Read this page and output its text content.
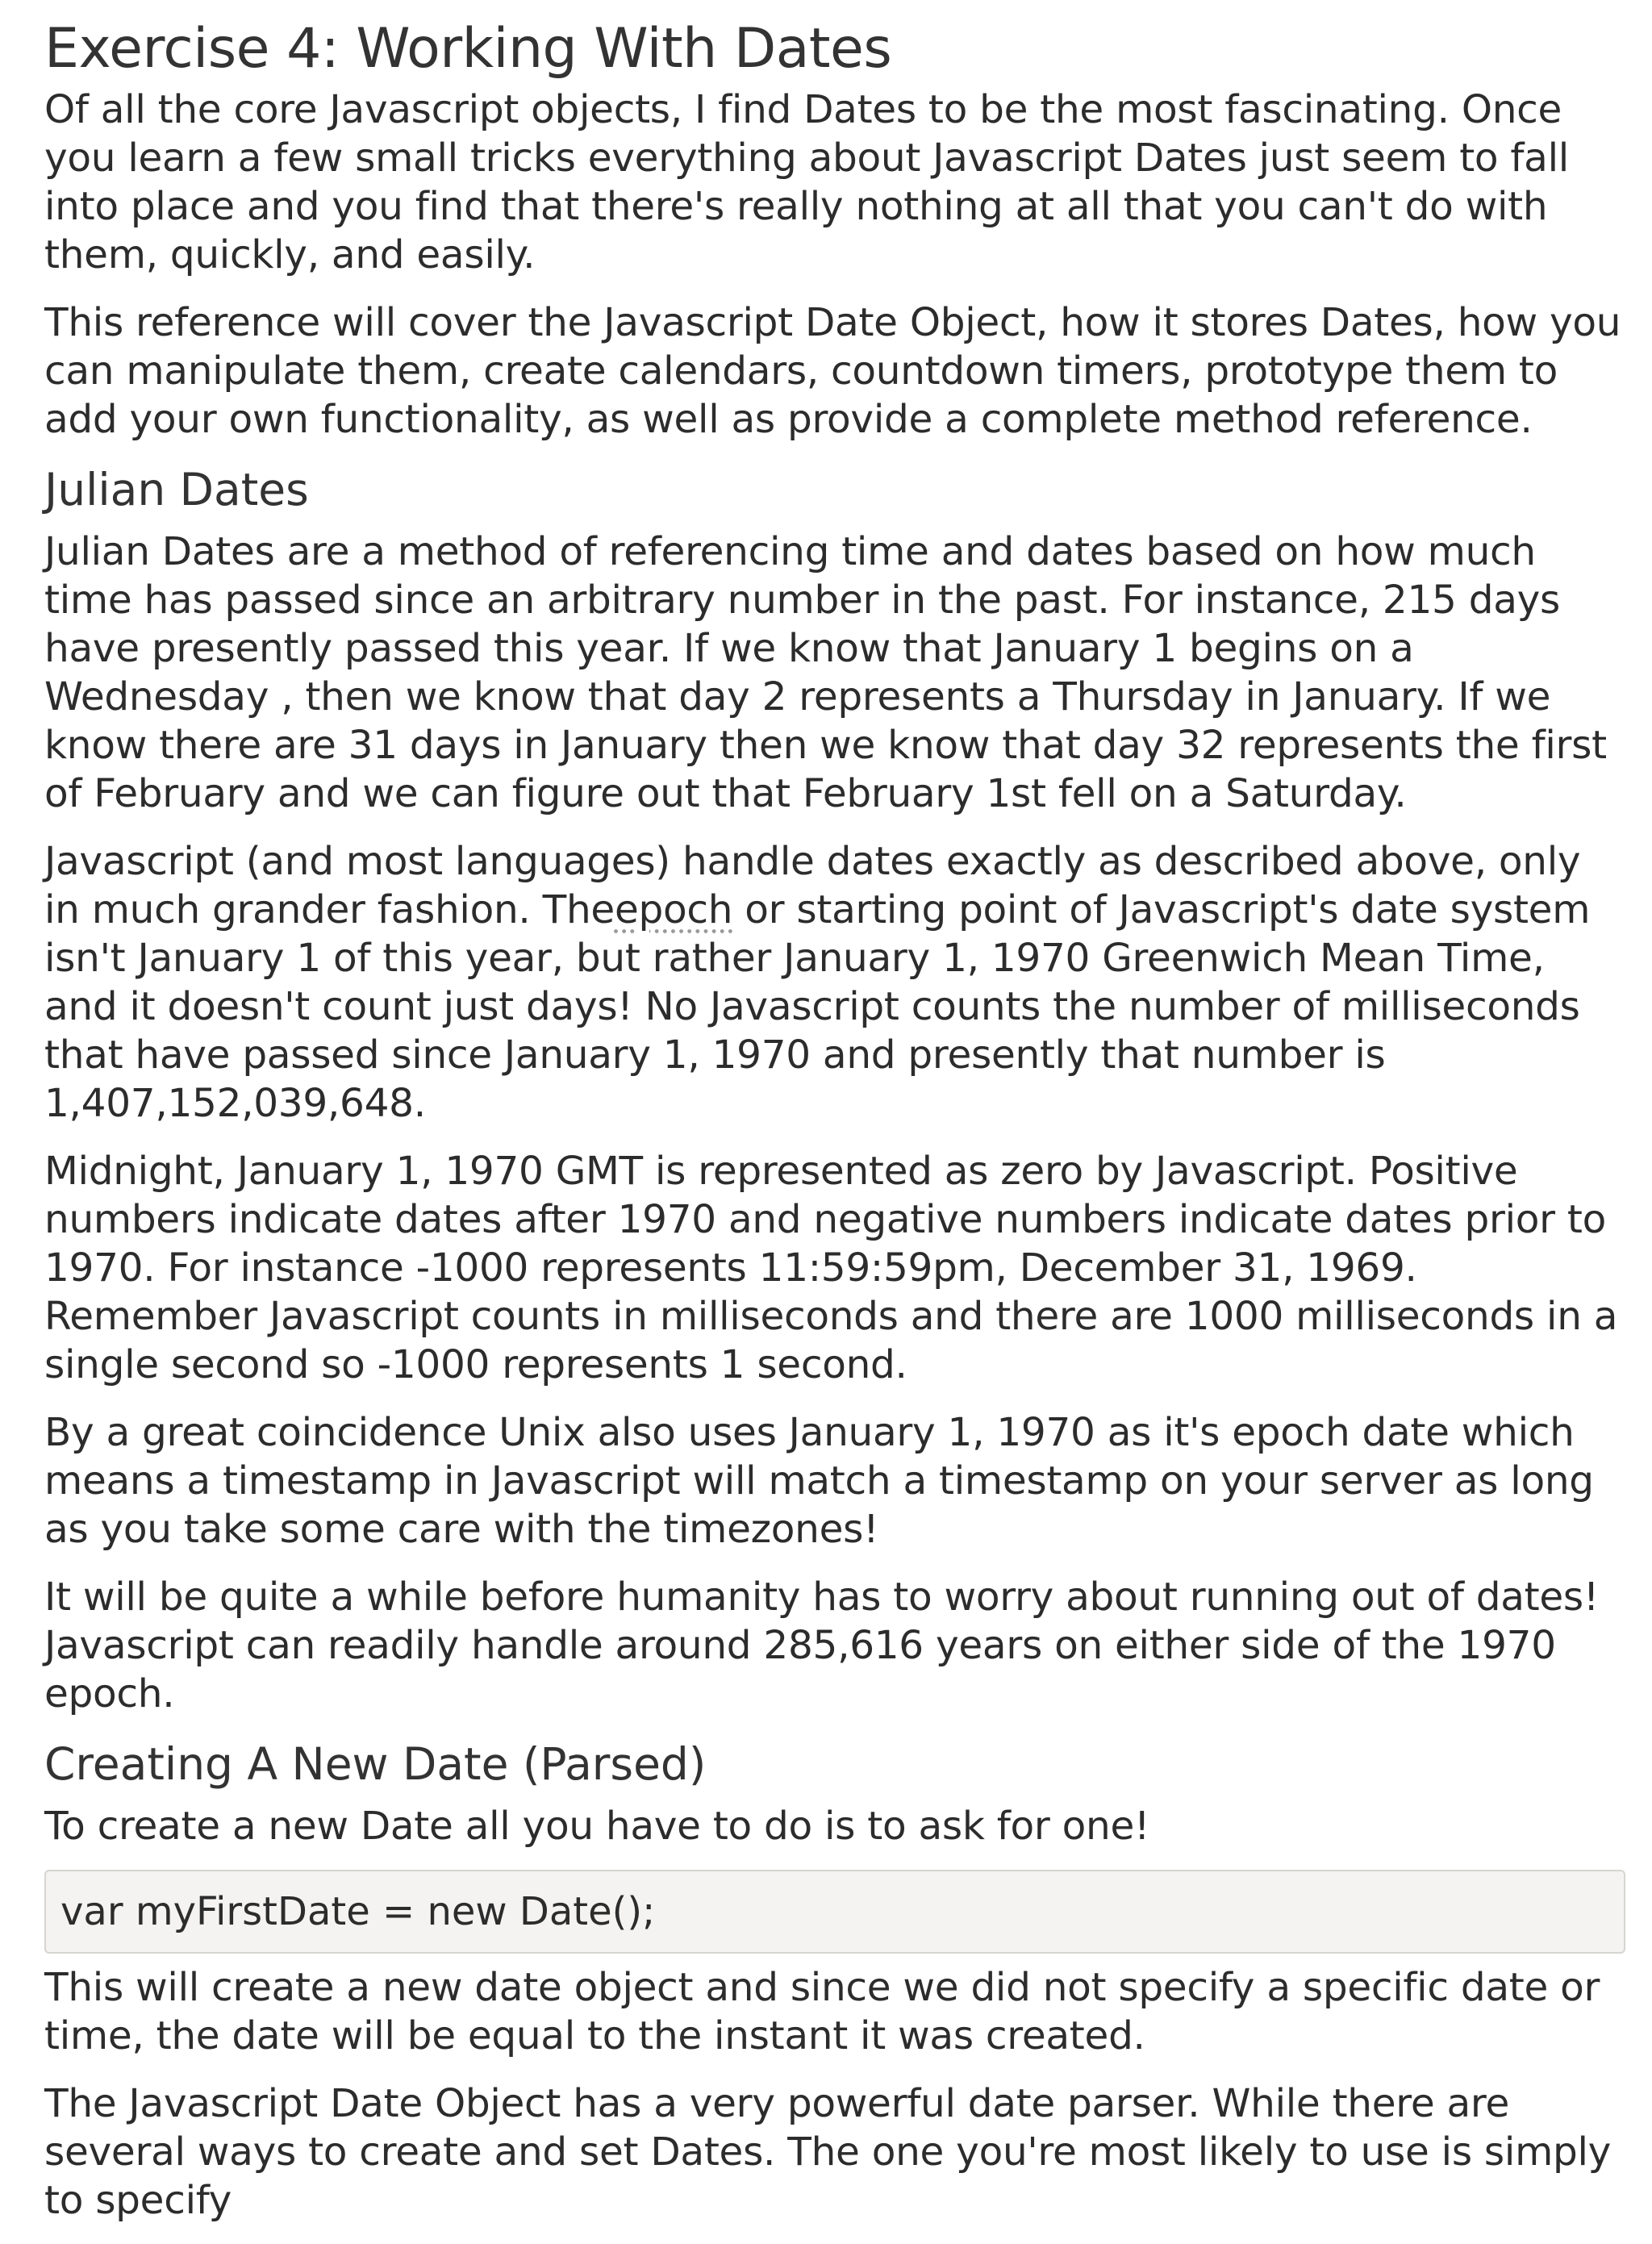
Exercise 4: Working With Dates

Of all the core Javascript objects, I find Dates to be the most fascinating. Once you learn a few small tricks everything about Javascript Dates just seem to fall into place and you find that there's really nothing at all that you can't do with them, quickly, and easily.

This reference will cover the Javascript Date Object, how it stores Dates, how you can manipulate them, create calendars, countdown timers, prototype them to add your own functionality, as well as provide a complete method reference.

Julian Dates

Julian Dates are a method of referencing time and dates based on how much time has passed since an arbitrary number in the past. For instance, 215 days have presently passed this year. If we know that January 1 begins on a Wednesday , then we know that day 2 represents a Thursday in January. If we know there are 31 days in January then we know that day 32 represents the first of February and we can figure out that February 1st fell on a Saturday.

Javascript (and most languages) handle dates exactly as described above, only in much grander fashion. Theepoch or starting point of Javascript's date system isn't January 1 of this year, but rather January 1, 1970 Greenwich Mean Time, and it doesn't count just days! No Javascript counts the number of milliseconds that have passed since January 1, 1970 and presently that number is 1,407,152,039,648.

Midnight, January 1, 1970 GMT is represented as zero by Javascript. Positive numbers indicate dates after 1970 and negative numbers indicate dates prior to 1970. For instance -1000 represents 11:59:59pm, December 31, 1969. Remember Javascript counts in milliseconds and there are 1000 milliseconds in a single second so -1000 represents 1 second.

By a great coincidence Unix also uses January 1, 1970 as it's epoch date which means a timestamp in Javascript will match a timestamp on your server as long as you take some care with the timezones!

It will be quite a while before humanity has to worry about running out of dates! Javascript can readily handle around 285,616 years on either side of the 1970 epoch.

Creating A New Date (Parsed)

To create a new Date all you have to do is to ask for one!

var myFirstDate = new Date();

This will create a new date object and since we did not specify a specific date or time, the date will be equal to the instant it was created.

The Javascript Date Object has a very powerful date parser. While there are several ways to create and set Dates. The one you're most likely to use is simply to specify
